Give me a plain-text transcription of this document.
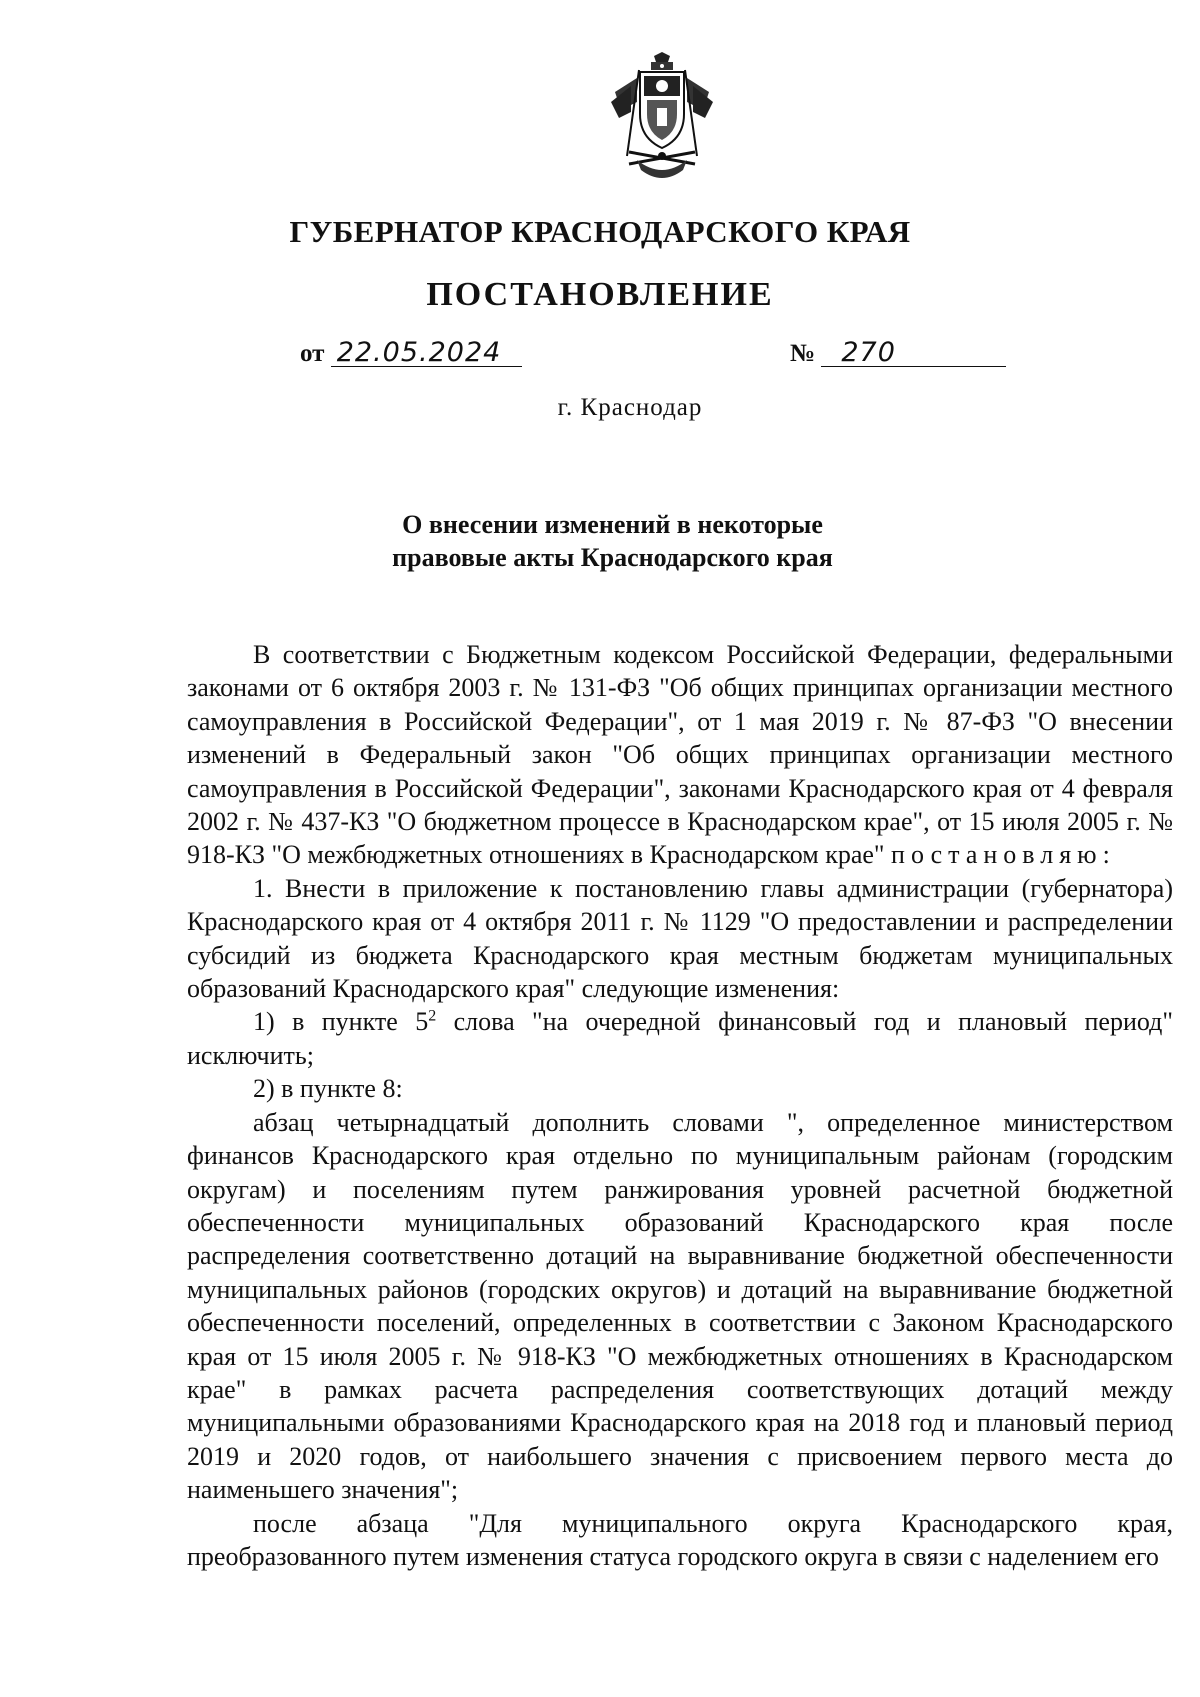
ГУБЕРНАТОР КРАСНОДАРСКОГО КРАЯ
ПОСТАНОВЛЕНИЕ
от 22.05.2024	№ 270
г. Краснодар
О внесении изменений в некоторые
правовые акты Краснодарского края

В соответствии с Бюджетным кодексом Российской Федерации, федеральными законами от 6 октября 2003 г. № 131-ФЗ "Об общих принципах организации местного самоуправления в Российской Федерации", от 1 мая 2019 г. № 87-ФЗ "О внесении изменений в Федеральный закон "Об общих принципах организации местного самоуправления в Российской Федерации", законами Краснодарского края от 4 февраля 2002 г. № 437-КЗ "О бюджетном процессе в Краснодарском крае", от 15 июля 2005 г. № 918-КЗ "О межбюджетных отношениях в Краснодарском крае" постановляю:

1. Внести в приложение к постановлению главы администрации (губернатора) Краснодарского края от 4 октября 2011 г. № 1129 "О предоставлении и распределении субсидий из бюджета Краснодарского края местным бюджетам муниципальных образований Краснодарского края" следующие изменения:

1) в пункте $5^2$ слова "на очередной финансовый год и плановый период" исключить;

2) в пункте 8:

абзац четырнадцатый дополнить словами ", определенное министерством финансов Краснодарского края отдельно по муниципальным районам (городским округам) и поселениям путем ранжирования уровней расчетной бюджетной обеспеченности муниципальных образований Краснодарского края после распределения соответственно дотаций на выравнивание бюджетной обеспеченности муниципальных районов (городских округов) и дотаций на выравнивание бюджетной обеспеченности поселений, определенных в соответствии с Законом Краснодарского края от 15 июля 2005 г. № 918-КЗ "О межбюджетных отношениях в Краснодарском крае" в рамках расчета распределения соответствующих дотаций между муниципальными образованиями Краснодарского края на 2018 год и плановый период 2019 и 2020 годов, от наибольшего значения с присвоением первого места до наименьшего значения";

после абзаца "Для муниципального округа Краснодарского края, преобразованного путем изменения статуса городского округа в связи с наделением его
